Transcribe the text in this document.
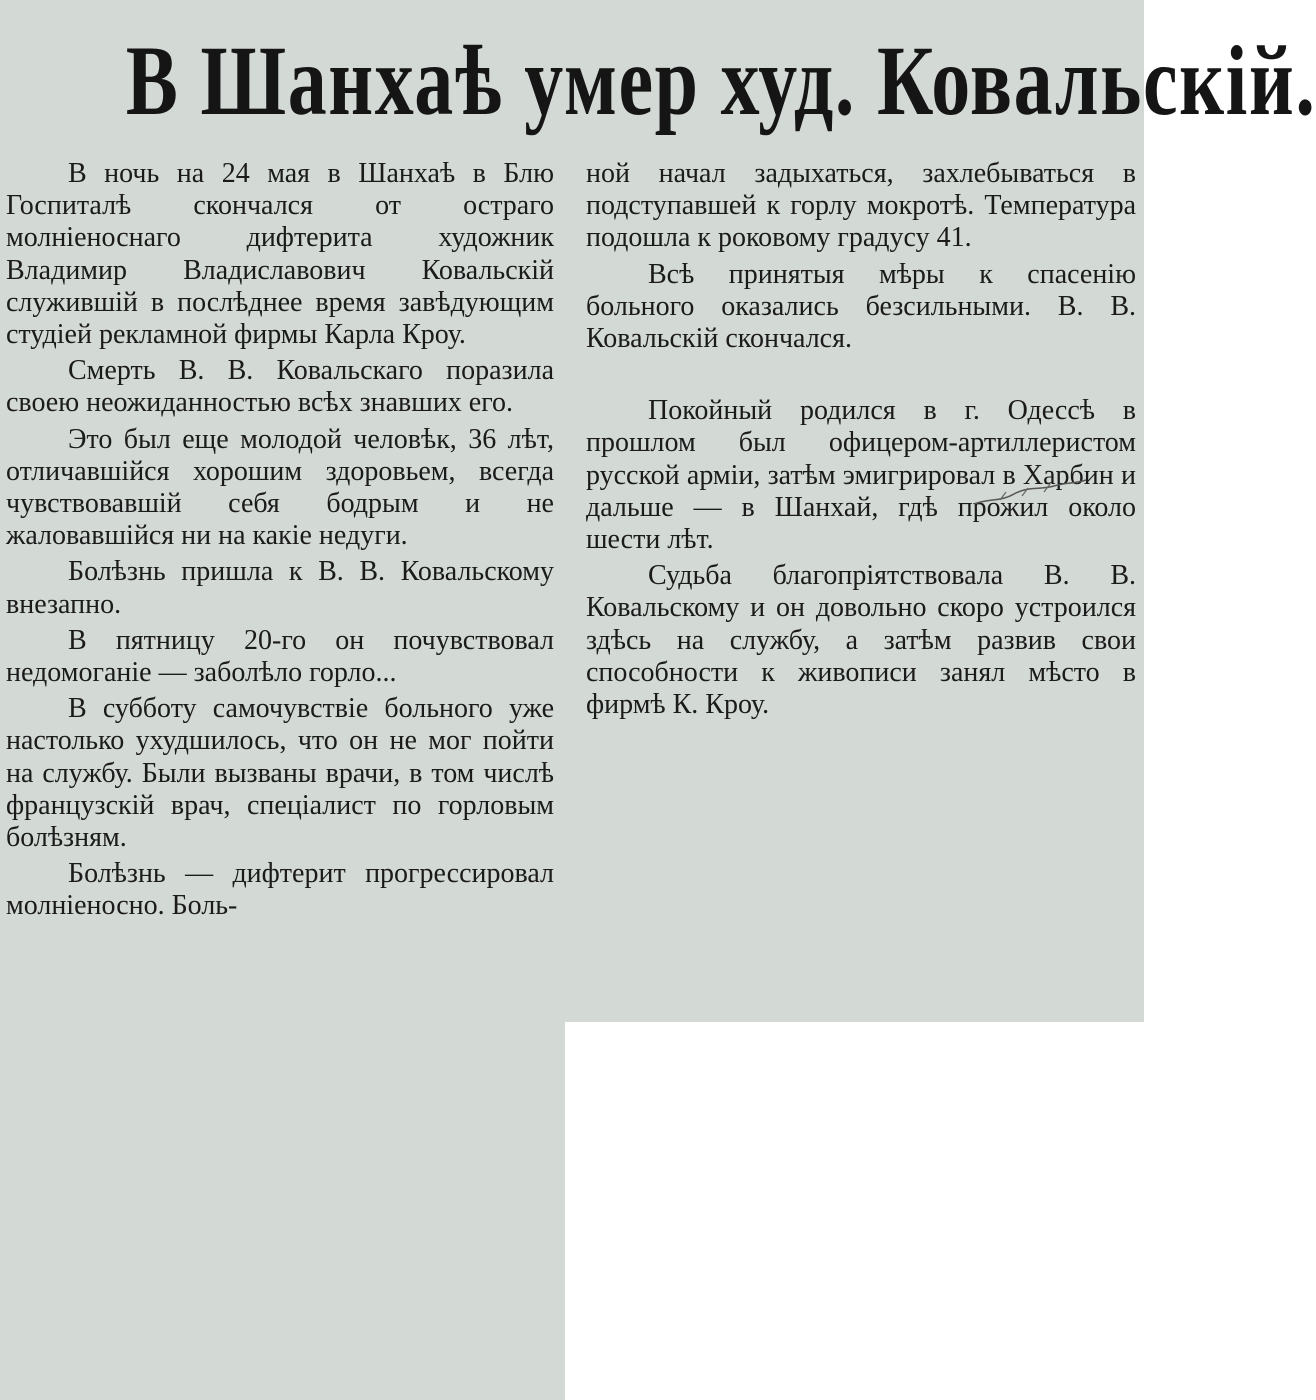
В Шанхаѣ умер худ. Ковальскій.

В ночь на 24 мая в Шанхаѣ в Блю Госпиталѣ скончался от остраго молніеноснаго дифтерита художник Владимир Владиславович Ковальскій служившій в послѣднее время завѣдующим студіей рекламной фирмы Карла Кроу.

Смерть В. В. Ковальскаго поразила своею неожиданностью всѣх знавших его.

Это был еще молодой человѣк, 36 лѣт, отличавшійся хорошим здоровьем, всегда чувствовавшій себя бодрым и не жаловавшійся ни на какіе недуги.

Болѣзнь пришла к В. В. Ковальскому внезапно.

В пятницу 20-го он почувствовал недомоганіе — заболѣло горло...

В субботу самочувствіе больного уже настолько ухудшилось, что он не мог пойти на службу. Были вызваны врачи, в том числѣ французскій врач, спеціалист по горловым болѣзням.

Болѣзнь — дифтерит прогрессировал молніеносно. Боль-

ной начал задыхаться, захлебываться в подступавшей к горлу мокротѣ. Температура подошла к роковому градусу 41.

Всѣ принятыя мѣры к спасенію больного оказались безсильными. В. В. Ковальскій скончался.

Покойный родился в г. Одессѣ в прошлом был офицером-артиллеристом русской арміи, затѣм эмигрировал в Харбин и дальше — в Шанхай, гдѣ прожил около шести лѣт.

Судьба благопріятствовала В. В. Ковальскому и он довольно скоро устроился здѣсь на службу, а затѣм развив свои способности к живописи занял мѣсто в фирмѣ К. Кроу.
